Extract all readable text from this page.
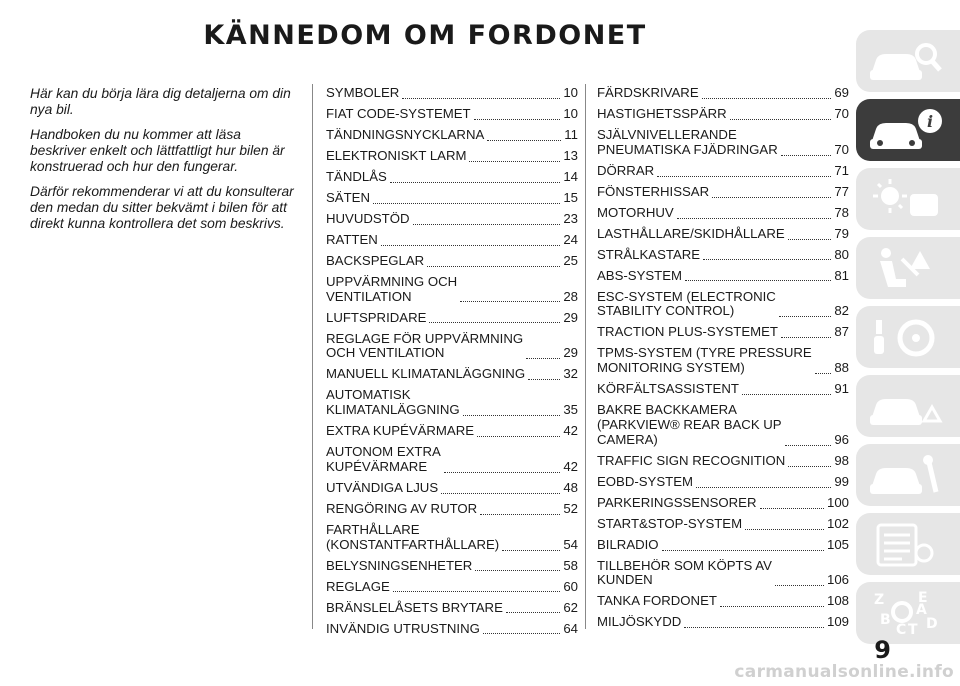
KÄNNEDOM OM FORDONET

Här kan du börja lära dig detaljerna om din nya bil.

Handboken du nu kommer att läsa beskriver enkelt och lättfattligt hur bilen är konstruerad och hur den fungerar.

Därför rekommenderar vi att du konsulterar den medan du sitter bekvämt i bilen för att direkt kunna kontrollera det som beskrivs.

SYMBOLER	10
FIAT CODE-SYSTEMET	10
TÄNDNINGSNYCKLARNA	11
ELEKTRONISKT LARM	13
TÄNDLÅS	14
SÄTEN	15
HUVUDSTÖD	23
RATTEN	24
BACKSPEGLAR	25
UPPVÄRMNING OCH
VENTILATION	28
LUFTSPRIDARE	29
REGLAGE FÖR UPPVÄRMNING
OCH VENTILATION	29
MANUELL KLIMATANLÄGGNING	32
AUTOMATISK
KLIMATANLÄGGNING	35
EXTRA KUPÉVÄRMARE	42
AUTONOM EXTRA
KUPÉVÄRMARE	42
UTVÄNDIGA LJUS	48
RENGÖRING AV RUTOR	52
FARTHÅLLARE
(KONSTANTFARTHÅLLARE)	54
BELYSNINGSENHETER	58
REGLAGE	60
BRÄNSLELÅSETS BRYTARE	62
INVÄNDIG UTRUSTNING	64
FÄRDSKRIVARE	69
HASTIGHETSSPÄRR	70
SJÄLVNIVELLERANDE
PNEUMATISKA FJÄDRINGAR	70
DÖRRAR	71
FÖNSTERHISSAR	77
MOTORHUV	78
LASTHÅLLARE/SKIDHÅLLARE	79
STRÅLKASTARE	80
ABS-SYSTEM	81
ESC-SYSTEM (ELECTRONIC
STABILITY CONTROL)	82
TRACTION PLUS-SYSTEMET	87
TPMS-SYSTEM (TYRE PRESSURE
MONITORING SYSTEM)	88
KÖRFÄLTSASSISTENT	91
BAKRE BACKKAMERA
(PARKVIEW® REAR BACK UP
CAMERA)	96
TRAFFIC SIGN RECOGNITION	98
EOBD-SYSTEM	99
PARKERINGSSENSORER	100
START&STOP-SYSTEM	102
BILRADIO	105
TILLBEHÖR SOM KÖPTS AV
KUNDEN	106
TANKA FORDONET	108
MILJÖSKYDD	109
i
Z E
B
C T
A
D
9
carmanualsonline.info
